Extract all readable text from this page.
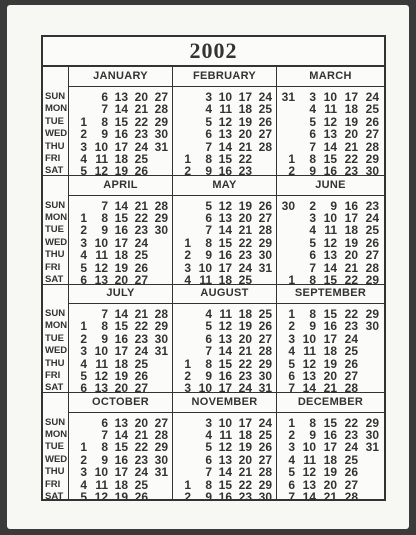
2002
SUN
MON
TUE
WED
THU
FRI
SAT
JANUARY
1
2
3
4
5
6
7
8
9
10
11
12
13
14
15
16
17
18
19
20
21
22
23
24
25
26
27
28
29
30
31
FEBRUARY
1
2
3
4
5
6
7
8
9
10
11
12
13
14
15
16
17
18
19
20
21
22
23
24
25
26
27
28
MARCH
1
2
3
4
5
6
7
8
9
10
11
12
13
14
15
16
17
18
19
20
21
22
23
24
25
26
27
28
29
30
31
SUN
MON
TUE
WED
THU
FRI
SAT
APRIL
1
2
3
4
5
6
7
8
9
10
11
12
13
14
15
16
17
18
19
20
21
22
23
24
25
26
27
28
29
30
MAY
1
2
3
4
5
6
7
8
9
10
11
12
13
14
15
16
17
18
19
20
21
22
23
24
25
26
27
28
29
30
31
JUNE
1
2
3
4
5
6
7
8
9
10
11
12
13
14
15
16
17
18
19
20
21
22
23
24
25
26
27
28
29
30
SUN
MON
TUE
WED
THU
FRI
SAT
JULY
1
2
3
4
5
6
7
8
9
10
11
12
13
14
15
16
17
18
19
20
21
22
23
24
25
26
27
28
29
30
31
AUGUST
1
2
3
4
5
6
7
8
9
10
11
12
13
14
15
16
17
18
19
20
21
22
23
24
25
26
27
28
29
30
31
SEPTEMBER
1
2
3
4
5
6
7
8
9
10
11
12
13
14
15
16
17
18
19
20
21
22
23
24
25
26
27
28
29
30
SUN
MON
TUE
WED
THU
FRI
SAT
OCTOBER
1
2
3
4
5
6
7
8
9
10
11
12
13
14
15
16
17
18
19
20
21
22
23
24
25
26
27
28
29
30
31
NOVEMBER
1
2
3
4
5
6
7
8
9
10
11
12
13
14
15
16
17
18
19
20
21
22
23
24
25
26
27
28
29
30
DECEMBER
1
2
3
4
5
6
7
8
9
10
11
12
13
14
15
16
17
18
19
20
21
22
23
24
25
26
27
28
29
30
31
